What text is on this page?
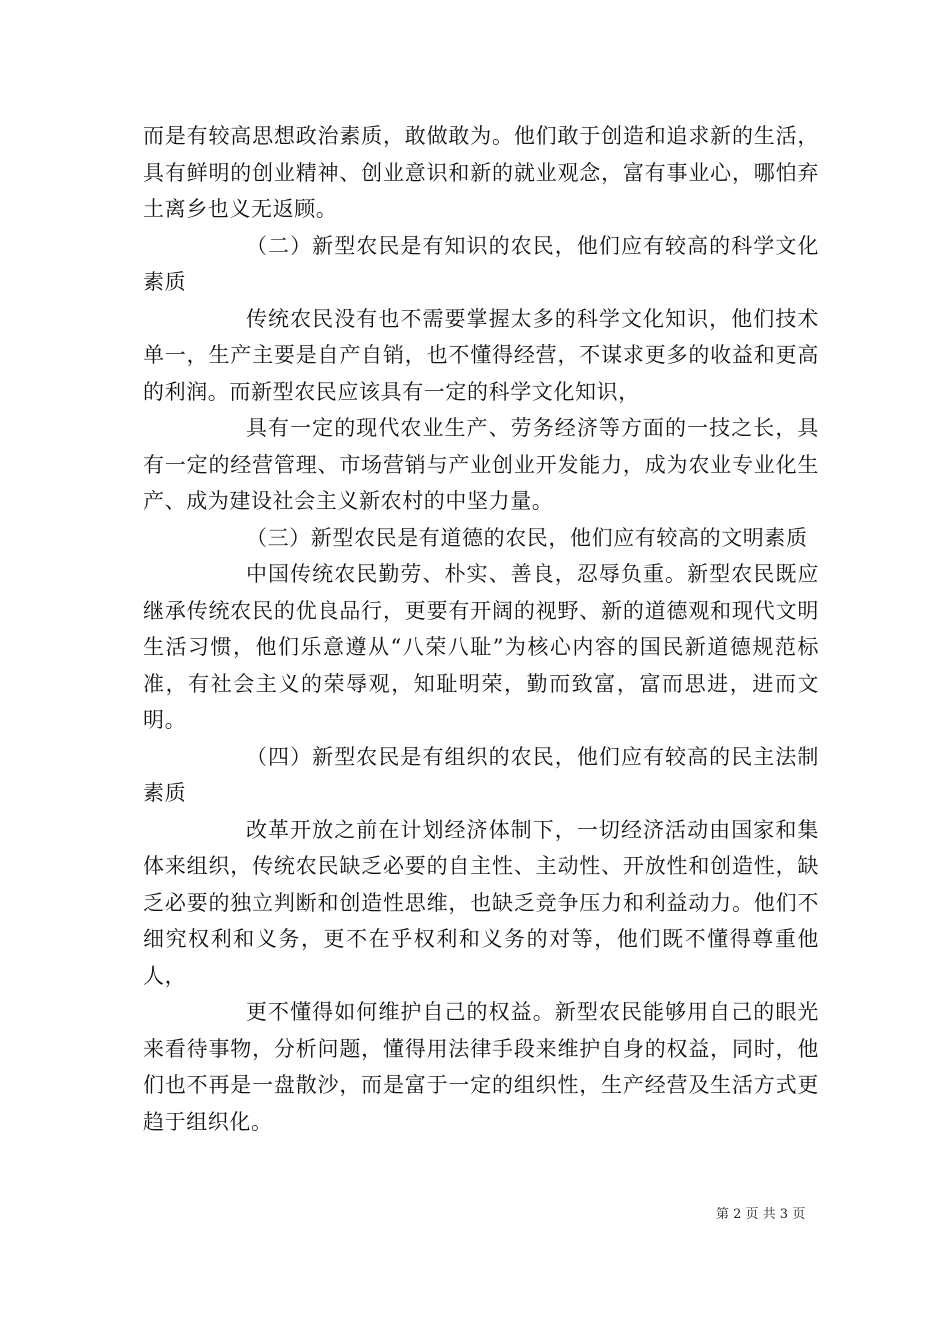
而是有较高思想政治素质，敢做敢为。他们敢于创造和追求新的生活，具有鲜明的创业精神、创业意识和新的就业观念，富有事业心，哪怕弃土离乡也义无返顾。

（二）新型农民是有知识的农民，他们应有较高的科学文化素质

传统农民没有也不需要掌握太多的科学文化知识，他们技术单一，生产主要是自产自销，也不懂得经营，不谋求更多的收益和更高的利润。而新型农民应该具有一定的科学文化知识，

具有一定的现代农业生产、劳务经济等方面的一技之长，具有一定的经营管理、市场营销与产业创业开发能力，成为农业专业化生产、成为建设社会主义新农村的中坚力量。

（三）新型农民是有道德的农民，他们应有较高的文明素质

中国传统农民勤劳、朴实、善良，忍辱负重。新型农民既应继承传统农民的优良品行，更要有开阔的视野、新的道德观和现代文明生活习惯，他们乐意遵从“八荣八耻”为核心内容的国民新道德规范标准，有社会主义的荣辱观，知耻明荣，勤而致富，富而思进，进而文明。

（四）新型农民是有组织的农民，他们应有较高的民主法制素质

改革开放之前在计划经济体制下，一切经济活动由国家和集体来组织，传统农民缺乏必要的自主性、主动性、开放性和创造性，缺乏必要的独立判断和创造性思维，也缺乏竞争压力和利益动力。他们不细究权利和义务，更不在乎权利和义务的对等，他们既不懂得尊重他人，

更不懂得如何维护自己的权益。新型农民能够用自己的眼光来看待事物，分析问题，懂得用法律手段来维护自身的权益，同时，他们也不再是一盘散沙，而是富于一定的组织性，生产经营及生活方式更趋于组织化。

第 2 页 共 3 页
